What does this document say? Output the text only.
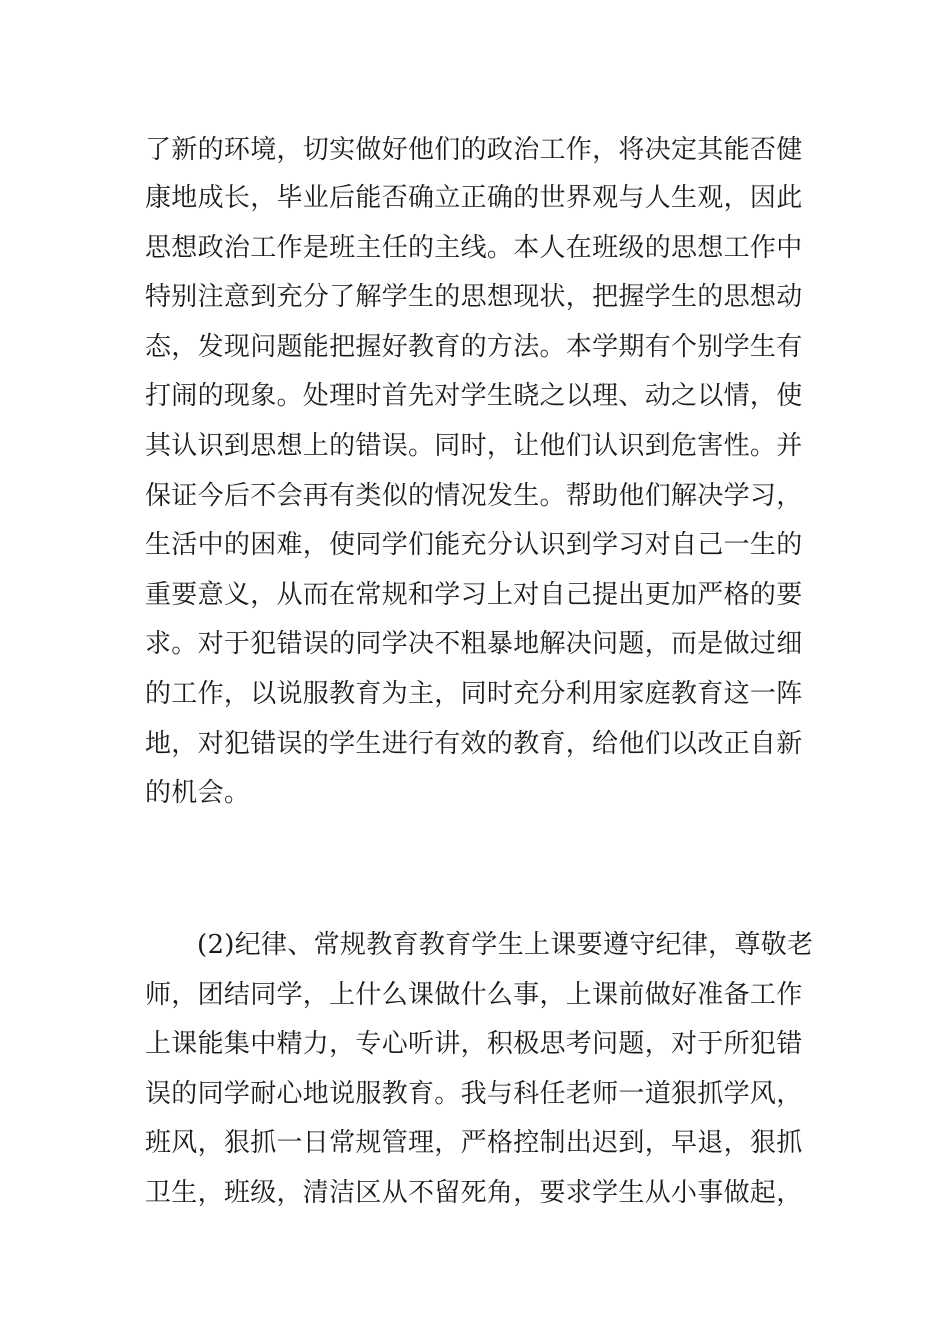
了新的环境，切实做好他们的政治工作，将决定其能否健
康地成长，毕业后能否确立正确的世界观与人生观，因此
思想政治工作是班主任的主线。本人在班级的思想工作中
特别注意到充分了解学生的思想现状，把握学生的思想动
态，发现问题能把握好教育的方法。本学期有个别学生有
打闹的现象。处理时首先对学生晓之以理、动之以情，使
其认识到思想上的错误。同时，让他们认识到危害性。并
保证今后不会再有类似的情况发生。帮助他们解决学习，
生活中的困难，使同学们能充分认识到学习对自己一生的
重要意义，从而在常规和学习上对自己提出更加严格的要
求。对于犯错误的同学决不粗暴地解决问题，而是做过细
的工作，以说服教育为主，同时充分利用家庭教育这一阵
地，对犯错误的学生进行有效的教育，给他们以改正自新
的机会。
(2)纪律、常规教育教育学生上课要遵守纪律，尊敬老
师，团结同学，上什么课做什么事，上课前做好准备工作
上课能集中精力，专心听讲，积极思考问题，对于所犯错
误的同学耐心地说服教育。我与科任老师一道狠抓学风，
班风，狠抓一日常规管理，严格控制出迟到，早退，狠抓
卫生，班级，清洁区从不留死角，要求学生从小事做起，
